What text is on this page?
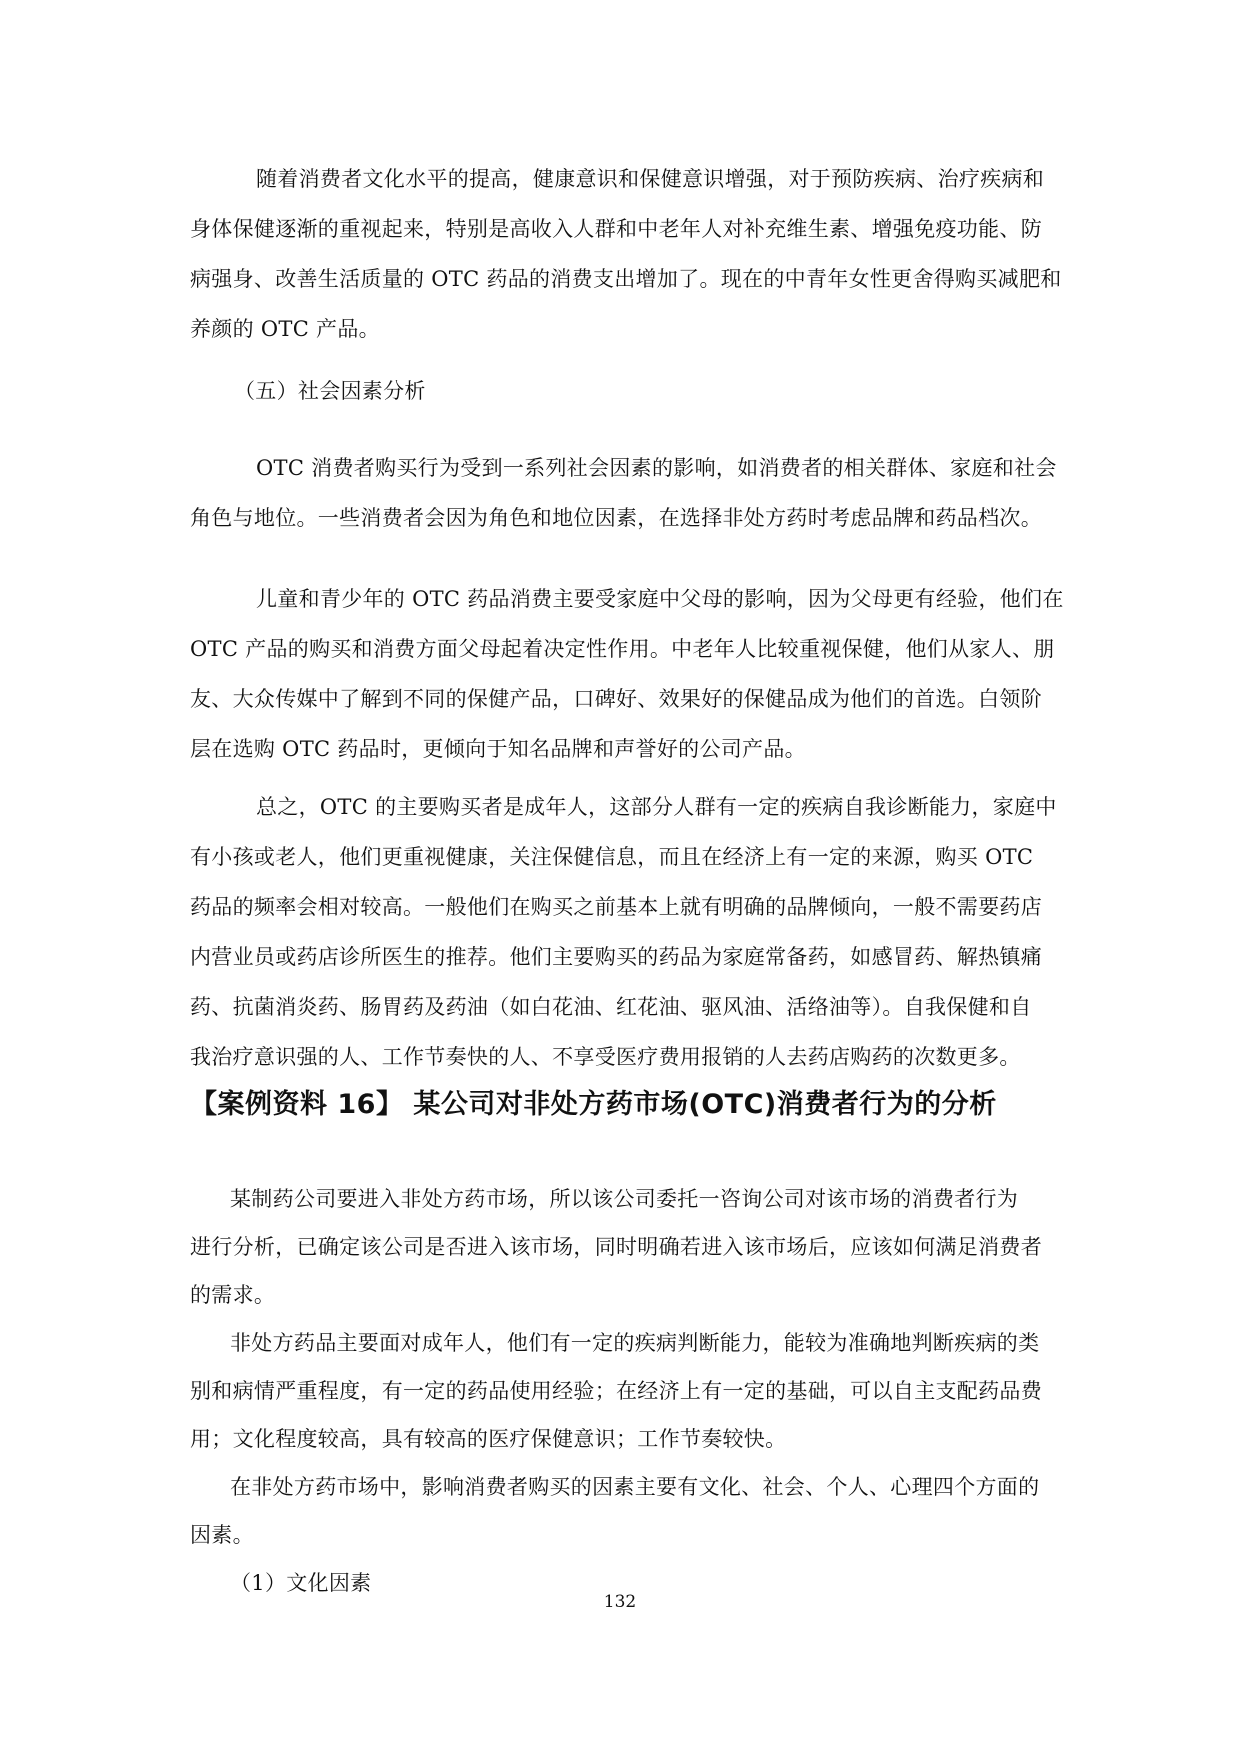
随着消费者文化水平的提高，健康意识和保健意识增强，对于预防疾病、治疗疾病和
身体保健逐渐的重视起来，特别是高收入人群和中老年人对补充维生素、增强免疫功能、防
病强身、改善生活质量的 OTC 药品的消费支出增加了。现在的中青年女性更舍得购买减肥和
养颜的 OTC 产品。
（五）社会因素分析
OTC 消费者购买行为受到一系列社会因素的影响，如消费者的相关群体、家庭和社会
角色与地位。一些消费者会因为角色和地位因素，在选择非处方药时考虑品牌和药品档次。
儿童和青少年的 OTC 药品消费主要受家庭中父母的影响，因为父母更有经验，他们在
OTC 产品的购买和消费方面父母起着决定性作用。中老年人比较重视保健，他们从家人、朋
友、大众传媒中了解到不同的保健产品，口碑好、效果好的保健品成为他们的首选。白领阶
层在选购 OTC 药品时，更倾向于知名品牌和声誉好的公司产品。
总之，OTC 的主要购买者是成年人，这部分人群有一定的疾病自我诊断能力，家庭中
有小孩或老人，他们更重视健康，关注保健信息，而且在经济上有一定的来源，购买 OTC
药品的频率会相对较高。一般他们在购买之前基本上就有明确的品牌倾向，一般不需要药店
内营业员或药店诊所医生的推荐。他们主要购买的药品为家庭常备药，如感冒药、解热镇痛
药、抗菌消炎药、肠胃药及药油（如白花油、红花油、驱风油、活络油等）。自我保健和自
我治疗意识强的人、工作节奏快的人、不享受医疗费用报销的人去药店购药的次数更多。
【案例资料 16】 某公司对非处方药市场(OTC)消费者行为的分析
某制药公司要进入非处方药市场，所以该公司委托一咨询公司对该市场的消费者行为
进行分析，已确定该公司是否进入该市场，同时明确若进入该市场后，应该如何满足消费者
的需求。
非处方药品主要面对成年人，他们有一定的疾病判断能力，能较为准确地判断疾病的类
别和病情严重程度，有一定的药品使用经验；在经济上有一定的基础，可以自主支配药品费
用；文化程度较高，具有较高的医疗保健意识；工作节奏较快。
在非处方药市场中，影响消费者购买的因素主要有文化、社会、个人、心理四个方面的
因素。
（1）文化因素
132
